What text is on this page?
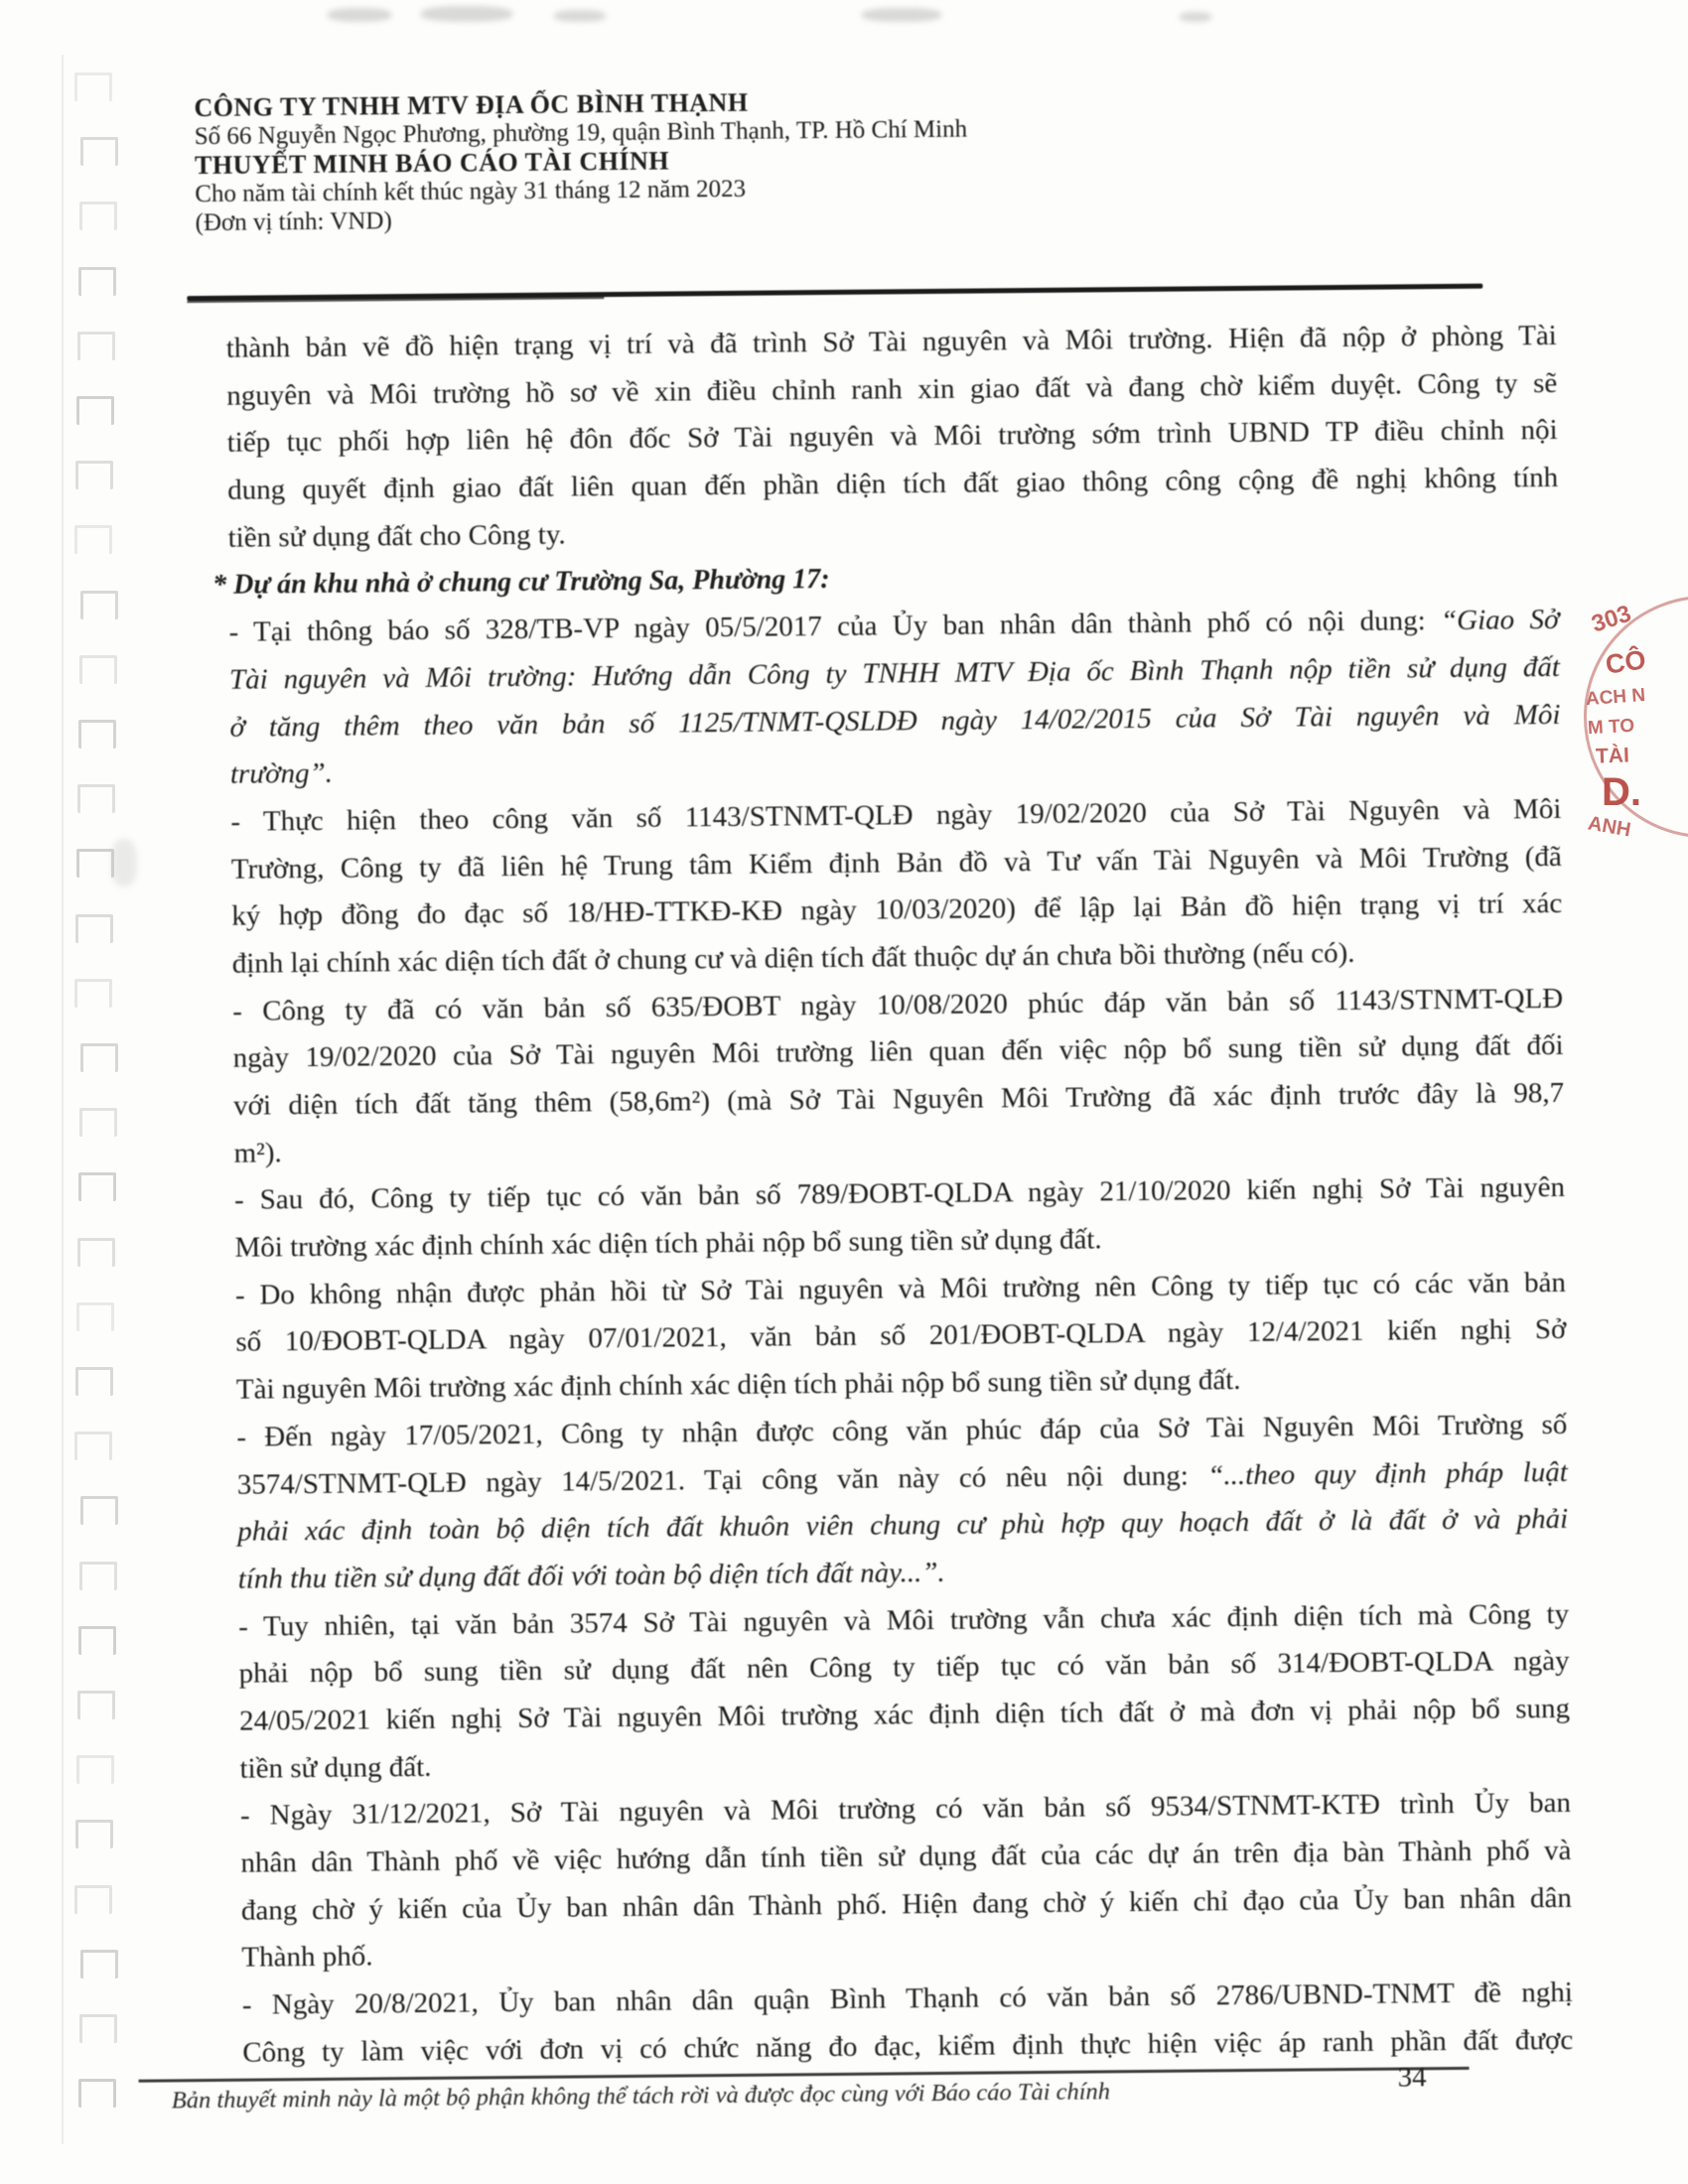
CÔNG TY TNHH MTV ĐỊA ỐC BÌNH THẠNH
Số 66 Nguyễn Ngọc Phương, phường 19, quận Bình Thạnh, TP. Hồ Chí Minh
THUYẾT MINH BÁO CÁO TÀI CHÍNH
Cho năm tài chính kết thúc ngày 31 tháng 12 năm 2023
(Đơn vị tính: VND)
thành bản vẽ đồ hiện trạng vị trí và đã trình Sở Tài nguyên và Môi trường. Hiện đã nộp ở phòng Tài
nguyên và Môi trường hồ sơ về xin điều chỉnh ranh xin giao đất và đang chờ kiểm duyệt. Công ty sẽ
tiếp tục phối hợp liên hệ đôn đốc Sở Tài nguyên và Môi trường sớm trình UBND TP điều chỉnh nội
dung quyết định giao đất liên quan đến phần diện tích đất giao thông công cộng đề nghị không tính
tiền sử dụng đất cho Công ty.
* Dự án khu nhà ở chung cư Trường Sa, Phường 17:
- Tại thông báo số 328/TB-VP ngày 05/5/2017 của Ủy ban nhân dân thành phố có nội dung: “Giao Sở
Tài nguyên và Môi trường: Hướng dẫn Công ty TNHH MTV Địa ốc Bình Thạnh nộp tiền sử dụng đất
ở tăng thêm theo văn bản số 1125/TNMT-QSLDĐ ngày 14/02/2015 của Sở Tài nguyên và Môi
trường”.
- Thực hiện theo công văn số 1143/STNMT-QLĐ ngày 19/02/2020 của Sở Tài Nguyên và Môi
Trường, Công ty đã liên hệ Trung tâm Kiểm định Bản đồ và Tư vấn Tài Nguyên và Môi Trường (đã
ký hợp đồng đo đạc số 18/HĐ-TTKĐ-KĐ ngày 10/03/2020) để lập lại Bản đồ hiện trạng vị trí xác
định lại chính xác diện tích đất ở chung cư và diện tích đất thuộc dự án chưa bồi thường (nếu có).
- Công ty đã có văn bản số 635/ĐOBT ngày 10/08/2020 phúc đáp văn bản số 1143/STNMT-QLĐ
ngày 19/02/2020 của Sở Tài nguyên Môi trường liên quan đến việc nộp bổ sung tiền sử dụng đất đối
với diện tích đất tăng thêm (58,6m²) (mà Sở Tài Nguyên Môi Trường đã xác định trước đây là 98,7
m²).
- Sau đó, Công ty tiếp tục có văn bản số 789/ĐOBT-QLDA ngày 21/10/2020 kiến nghị Sở Tài nguyên
Môi trường xác định chính xác diện tích phải nộp bổ sung tiền sử dụng đất.
- Do không nhận được phản hồi từ Sở Tài nguyên và Môi trường nên Công ty tiếp tục có các văn bản
số 10/ĐOBT-QLDA ngày 07/01/2021, văn bản số 201/ĐOBT-QLDA ngày 12/4/2021 kiến nghị Sở
Tài nguyên Môi trường xác định chính xác diện tích phải nộp bổ sung tiền sử dụng đất.
- Đến ngày 17/05/2021, Công ty nhận được công văn phúc đáp của Sở Tài Nguyên Môi Trường số
3574/STNMT-QLĐ ngày 14/5/2021. Tại công văn này có nêu nội dung: “...theo quy định pháp luật
phải xác định toàn bộ diện tích đất khuôn viên chung cư phù hợp quy hoạch đất ở là đất ở và phải
tính thu tiền sử dụng đất đối với toàn bộ diện tích đất này...”.
- Tuy nhiên, tại văn bản 3574 Sở Tài nguyên và Môi trường vẫn chưa xác định diện tích mà Công ty
phải nộp bổ sung tiền sử dụng đất nên Công ty tiếp tục có văn bản số 314/ĐOBT-QLDA ngày
24/05/2021 kiến nghị Sở Tài nguyên Môi trường xác định diện tích đất ở mà đơn vị phải nộp bổ sung
tiền sử dụng đất.
- Ngày 31/12/2021, Sở Tài nguyên và Môi trường có văn bản số 9534/STNMT-KTĐ trình Ủy ban
nhân dân Thành phố về việc hướng dẫn tính tiền sử dụng đất của các dự án trên địa bàn Thành phố và
đang chờ ý kiến của Ủy ban nhân dân Thành phố. Hiện đang chờ ý kiến chỉ đạo của Ủy ban nhân dân
Thành phố.
- Ngày 20/8/2021, Ủy ban nhân dân quận Bình Thạnh có văn bản số 2786/UBND-TNMT đề nghị
Công ty làm việc với đơn vị có chức năng đo đạc, kiểm định thực hiện việc áp ranh phần đất được
Bản thuyết minh này là một bộ phận không thể tách rời và được đọc cùng với Báo cáo Tài chính
34
303
CÔ
ACH N
M TO
TÀI
D.
ANH
